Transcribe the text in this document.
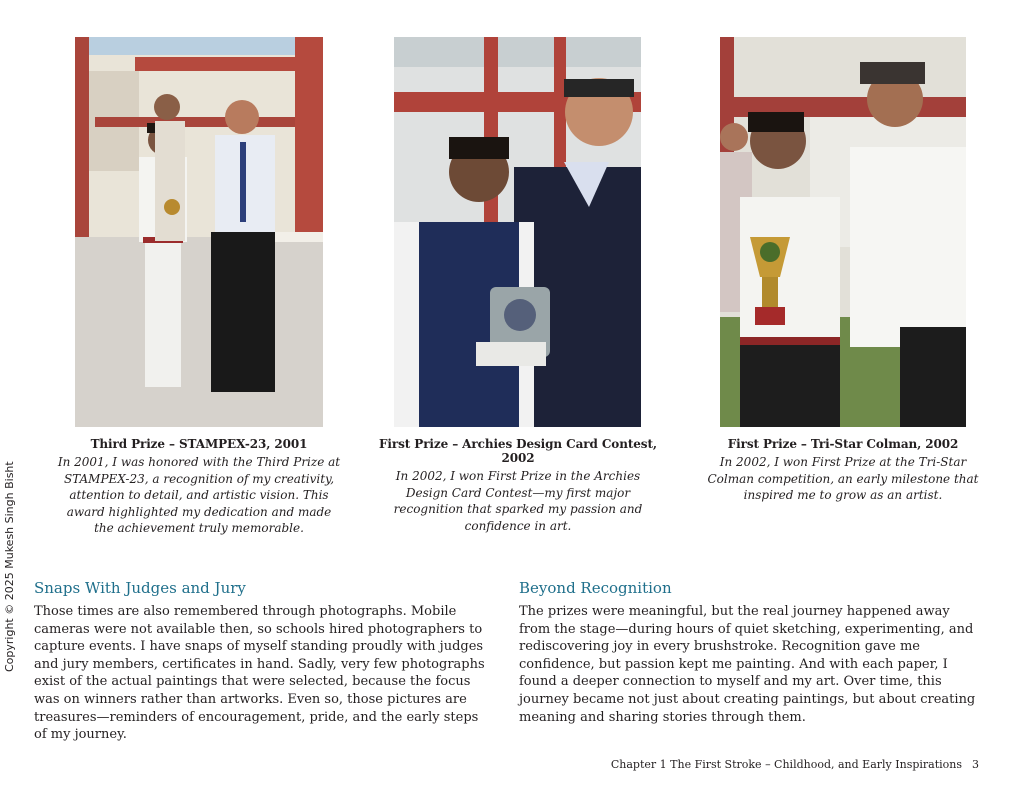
Third Prize – STAMPEX-23, 2001

In 2001, I was honored with the Third Prize at STAMPEX-23, a recognition of my creativity, attention to detail, and artistic vision. This award highlighted my dedication and made the achievement truly memorable.

First Prize – Archies Design Card Contest, 2002

In 2002, I won First Prize in the Archies Design Card Contest—my first major recognition that sparked my passion and confidence in art.

First Prize – Tri-Star Colman, 2002

In 2002, I won First Prize at the Tri-Star Colman competition, an early milestone that inspired me to grow as an artist.

Copyright © 2025 Mukesh Singh Bisht Snaps With Judges and Jury

Those times are also remembered through photographs. Mobile cameras were not available then, so schools hired photographers to capture events. I have snaps of myself standing proudly with judges and jury members, certificates in hand. Sadly, very few photographs exist of the actual paintings that were selected, because the focus was on winners rather than artworks. Even so, those pictures are treasures—reminders of encouragement, pride, and the early steps of my journey.

Beyond Recognition

The prizes were meaningful, but the real journey happened away from the stage—during hours of quiet sketching, experimenting, and rediscovering joy in every brushstroke. Recognition gave me confidence, but passion kept me painting. And with each paper, I found a deeper connection to myself and my art. Over time, this journey became not just about creating paintings, but about creating meaning and sharing stories through them.

Chapter 1 The First Stroke – Childhood, and Early Inspirations 3
